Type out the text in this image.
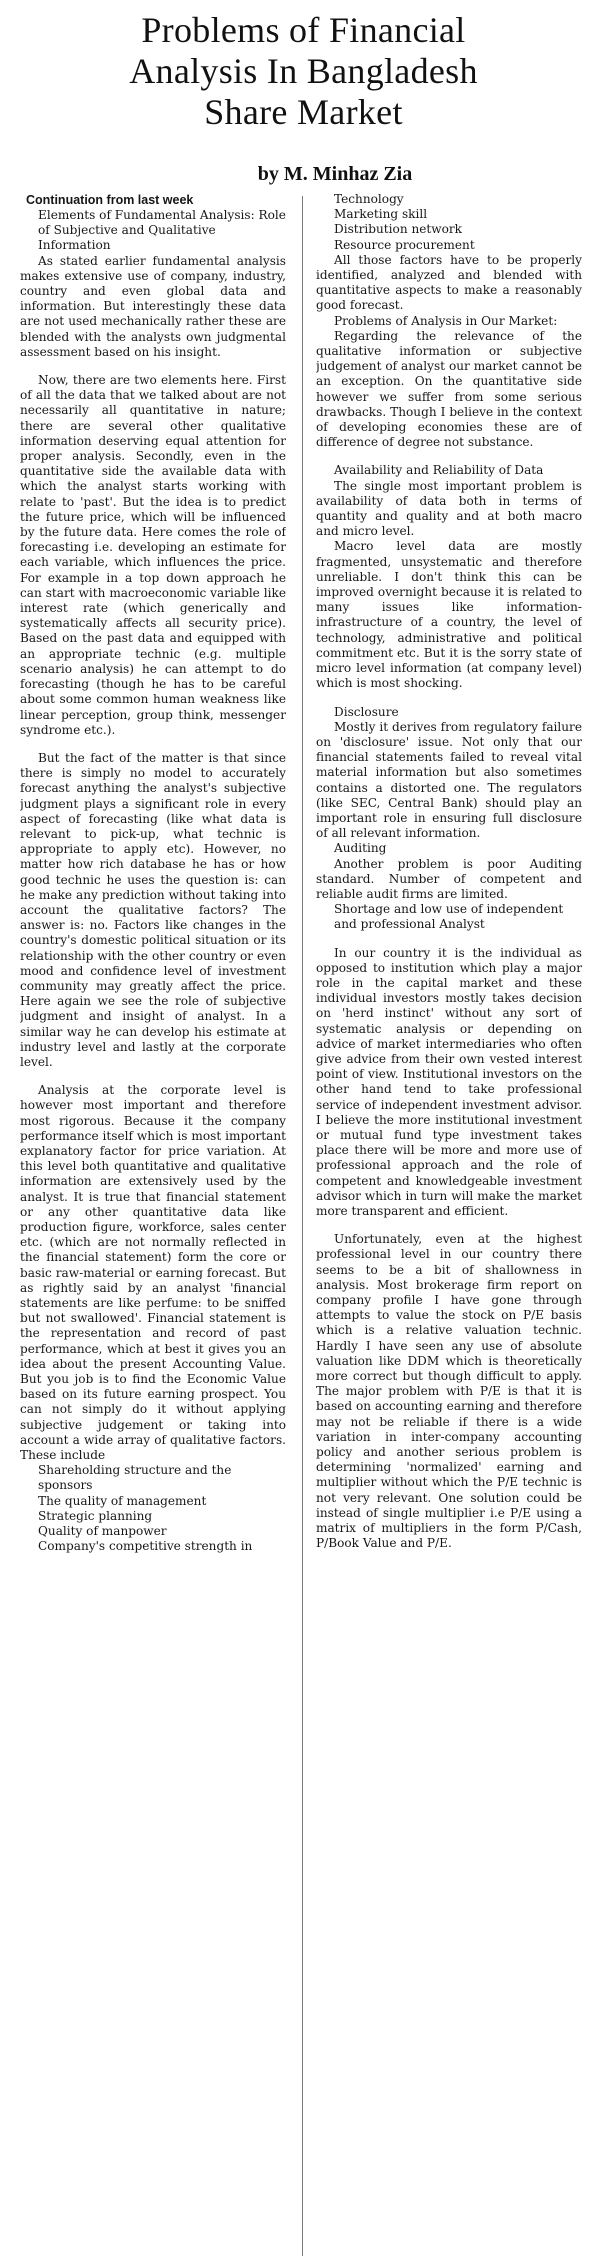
Problems of Financial
Analysis In Bangladesh
Share Market
by M. Minhaz Zia

Continuation from last week

Elements of Fundamental Analysis: Role of Subjective and Qualitative Information

As stated earlier fundamental analysis makes extensive use of company, industry, country and even global data and information. But interestingly these data are not used mechanically rather these are blended with the analysts own judgmental assessment based on his insight.

Now, there are two elements here. First of all the data that we talked about are not necessarily all quantitative in nature; there are several other qualitative information deserving equal attention for proper analysis. Secondly, even in the quantitative side the available data with which the analyst starts working with relate to 'past'. But the idea is to predict the future price, which will be influenced by the future data. Here comes the role of forecasting i.e. developing an estimate for each variable, which influences the price. For example in a top down approach he can start with macroeconomic variable like interest rate (which generically and systematically affects all security price). Based on the past data and equipped with an appropriate technic (e.g. multiple scenario analysis) he can attempt to do forecasting (though he has to be careful about some common human weakness like linear perception, group think, messenger syndrome etc.).

But the fact of the matter is that since there is simply no model to accurately forecast anything the analyst's subjective judgment plays a significant role in every aspect of forecasting (like what data is relevant to pick-up, what technic is appropriate to apply etc). However, no matter how rich database he has or how good technic he uses the question is: can he make any prediction without taking into account the qualitative factors? The answer is: no. Factors like changes in the country's domestic political situation or its relationship with the other country or even mood and confidence level of investment community may greatly affect the price. Here again we see the role of subjective judgment and insight of analyst. In a similar way he can develop his estimate at industry level and lastly at the corporate level.

Analysis at the corporate level is however most important and therefore most rigorous. Because it the company performance itself which is most important explanatory factor for price variation. At this level both quantitative and qualitative information are extensively used by the analyst. It is true that financial statement or any other quantitative data like production figure, workforce, sales center etc. (which are not normally reflected in the financial statement) form the core or basic raw-material or earning forecast. But as rightly said by an analyst 'financial statements are like perfume: to be sniffed but not swallowed'. Financial statement is the representation and record of past performance, which at best it gives you an idea about the present Accounting Value. But you job is to find the Economic Value based on its future earning prospect. You can not simply do it without applying subjective judgement or taking into account a wide array of qualitative factors. These include

Shareholding structure and the sponsors

The quality of management

Strategic planning

Quality of manpower

Company's competitive strength in

Technology

Marketing skill

Distribution network

Resource procurement

All those factors have to be properly identified, analyzed and blended with quantitative aspects to make a reasonably good forecast.

Problems of Analysis in Our Market:

Regarding the relevance of the qualitative information or subjective judgement of analyst our market cannot be an exception. On the quantitative side however we suffer from some serious drawbacks. Though I believe in the context of developing economies these are of difference of degree not substance.

Availability and Reliability of Data

The single most important problem is availability of data both in terms of quantity and quality and at both macro and micro level.

Macro level data are mostly fragmented, unsystematic and therefore unreliable. I don't think this can be improved overnight because it is related to many issues like information-infrastructure of a country, the level of technology, administrative and political commitment etc. But it is the sorry state of micro level information (at company level) which is most shocking.

Disclosure

Mostly it derives from regulatory failure on 'disclosure' issue. Not only that our financial statements failed to reveal vital material information but also sometimes contains a distorted one. The regulators (like SEC, Central Bank) should play an important role in ensuring full disclosure of all relevant information.

Auditing

Another problem is poor Auditing standard. Number of competent and reliable audit firms are limited.

Shortage and low use of independent and professional Analyst

In our country it is the individual as opposed to institution which play a major role in the capital market and these individual investors mostly takes decision on 'herd instinct' without any sort of systematic analysis or depending on advice of market intermediaries who often give advice from their own vested interest point of view. Institutional investors on the other hand tend to take professional service of independent investment advisor. I believe the more institutional investment or mutual fund type investment takes place there will be more and more use of professional approach and the role of competent and knowledgeable investment advisor which in turn will make the market more transparent and efficient.

Unfortunately, even at the highest professional level in our country there seems to be a bit of shallowness in analysis. Most brokerage firm report on company profile I have gone through attempts to value the stock on P/E basis which is a relative valuation technic. Hardly I have seen any use of absolute valuation like DDM which is theoretically more correct but though difficult to apply. The major problem with P/E is that it is based on accounting earning and therefore may not be reliable if there is a wide variation in inter-company accounting policy and another serious problem is determining 'normalized' earning and multiplier without which the P/E technic is not very relevant. One solution could be instead of single multiplier i.e P/E using a matrix of multipliers in the form P/Cash, P/Book Value and P/E.
